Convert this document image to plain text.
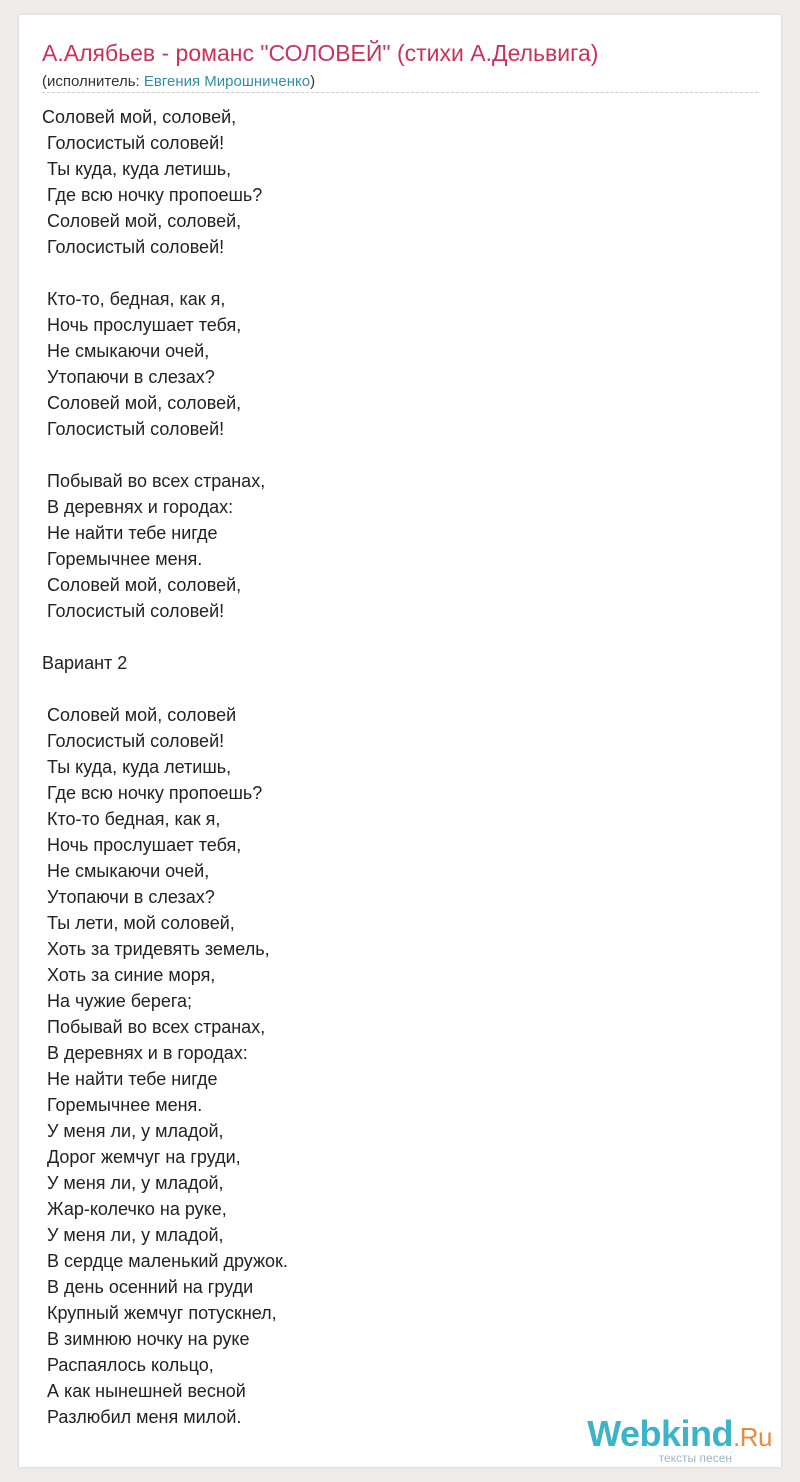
А.Алябьев - романс "СОЛОВЕЙ" (стихи А.Дельвига)
(исполнитель: Евгения Мирошниченко)
Соловей мой, соловей,
Голосистый соловей!
Ты куда, куда летишь,
Где всю ночку пропоешь?
Соловей мой, соловей,
Голосистый соловей!
Кто-то, бедная, как я,
Ночь прослушает тебя,
Не смыкаючи очей,
Утопаючи в слезах?
Соловей мой, соловей,
Голосистый соловей!
Побывай во всех странах,
В деревнях и городах:
Не найти тебе нигде
Горемычнее меня.
Соловей мой, соловей,
Голосистый соловей!
Вариант 2
Соловей мой, соловей
Голосистый соловей!
Ты куда, куда летишь,
Где всю ночку пропоешь?
Кто-то бедная, как я,
Ночь прослушает тебя,
Не смыкаючи очей,
Утопаючи в слезах?
Ты лети, мой соловей,
Хоть за тридевять земель,
Хоть за синие моря,
На чужие берега;
Побывай во всех странах,
В деревнях и в городах:
Не найти тебе нигде
Горемычнее меня.
У меня ли, у младой,
Дорог жемчуг на груди,
У меня ли, у младой,
Жар-колечко на руке,
У меня ли, у младой,
В сердце маленький дружок.
В день осенний на груди
Крупный жемчуг потускнел,
В зимнюю ночку на руке
Распаялось кольцо,
А как нынешней весной
Разлюбил меня милой.	Webkind.Ru
тексты песен
